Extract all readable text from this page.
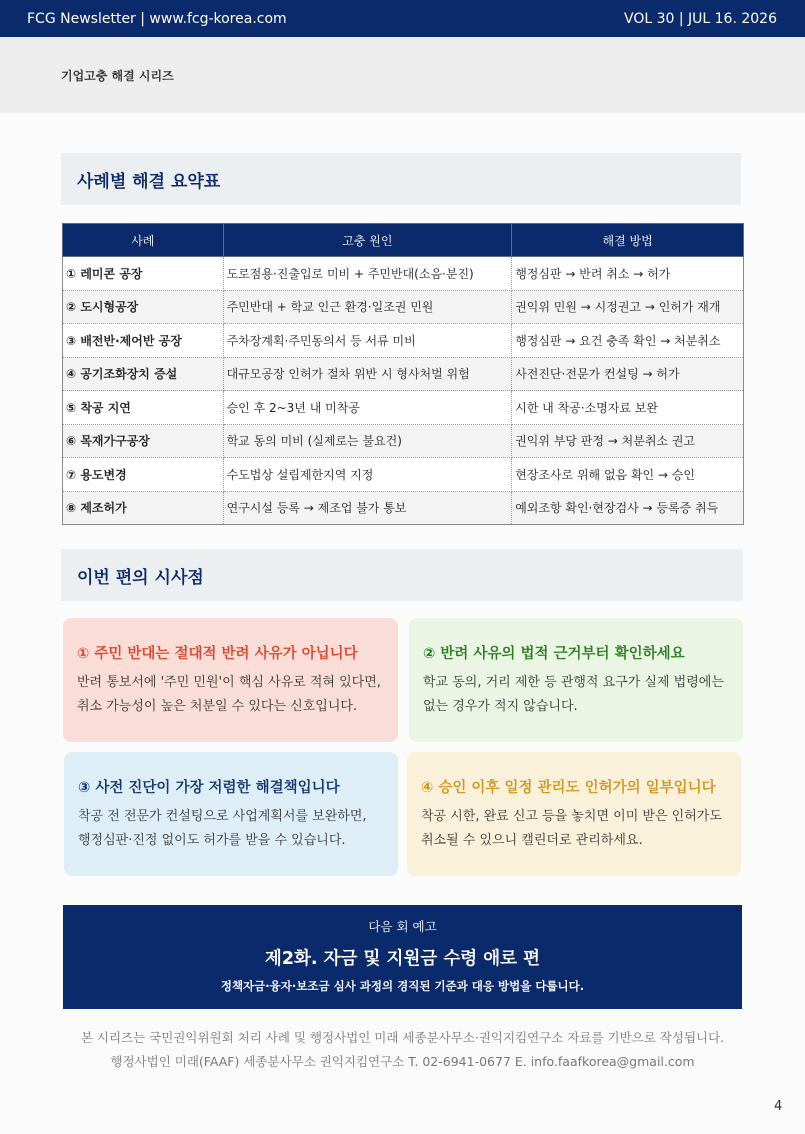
FCG Newsletter | www.fcg-korea.com	VOL 30 | JUL 16. 2026
기업고충 해결 시리즈
사례별 해결 요약표
사례	고충 원인	해결 방법
① 레미콘 공장	도로점용·진출입로 미비 + 주민반대(소음·분진)	행정심판 → 반려 취소 → 허가
② 도시형공장	주민반대 + 학교 인근 환경·일조권 민원	권익위 민원 → 시정권고 → 인허가 재개
③ 배전반·제어반 공장	주차장계획·주민동의서 등 서류 미비	행정심판 → 요건 충족 확인 → 처분취소
④ 공기조화장치 증설	대규모공장 인허가 절차 위반 시 형사처벌 위험	사전진단·전문가 컨설팅 → 허가
⑤ 착공 지연	승인 후 2~3년 내 미착공	시한 내 착공·소명자료 보완
⑥ 목재가구공장	학교 동의 미비 (실제로는 불요건)	권익위 부당 판정 → 처분취소 권고
⑦ 용도변경	수도법상 설립제한지역 지정	현장조사로 위해 없음 확인 → 승인
⑧ 제조허가	연구시설 등록 → 제조업 불가 통보	예외조항 확인·현장검사 → 등록증 취득
이번 편의 시사점
① 주민 반대는 절대적 반려 사유가 아닙니다
반려 통보서에 '주민 민원'이 핵심 사유로 적혀 있다면,
취소 가능성이 높은 처분일 수 있다는 신호입니다.
② 반려 사유의 법적 근거부터 확인하세요
학교 동의, 거리 제한 등 관행적 요구가 실제 법령에는
없는 경우가 적지 않습니다.
③ 사전 진단이 가장 저렴한 해결책입니다
착공 전 전문가 컨설팅으로 사업계획서를 보완하면,
행정심판·진정 없이도 허가를 받을 수 있습니다.
④ 승인 이후 일정 관리도 인허가의 일부입니다
착공 시한, 완료 신고 등을 놓치면 이미 받은 인허가도
취소될 수 있으니 캘린더로 관리하세요.
다음 회 예고
제2화. 자금 및 지원금 수령 애로 편
정책자금·융자·보조금 심사 과정의 경직된 기준과 대응 방법을 다룹니다.
본 시리즈는 국민권익위원회 처리 사례 및 행정사법인 미래 세종분사무소·권익지킴연구소 자료를 기반으로 작성됩니다.
행정사법인 미래(FAAF) 세종분사무소 권익지킴연구소 T. 02-6941-0677 E. info.faafkorea@gmail.com
4
